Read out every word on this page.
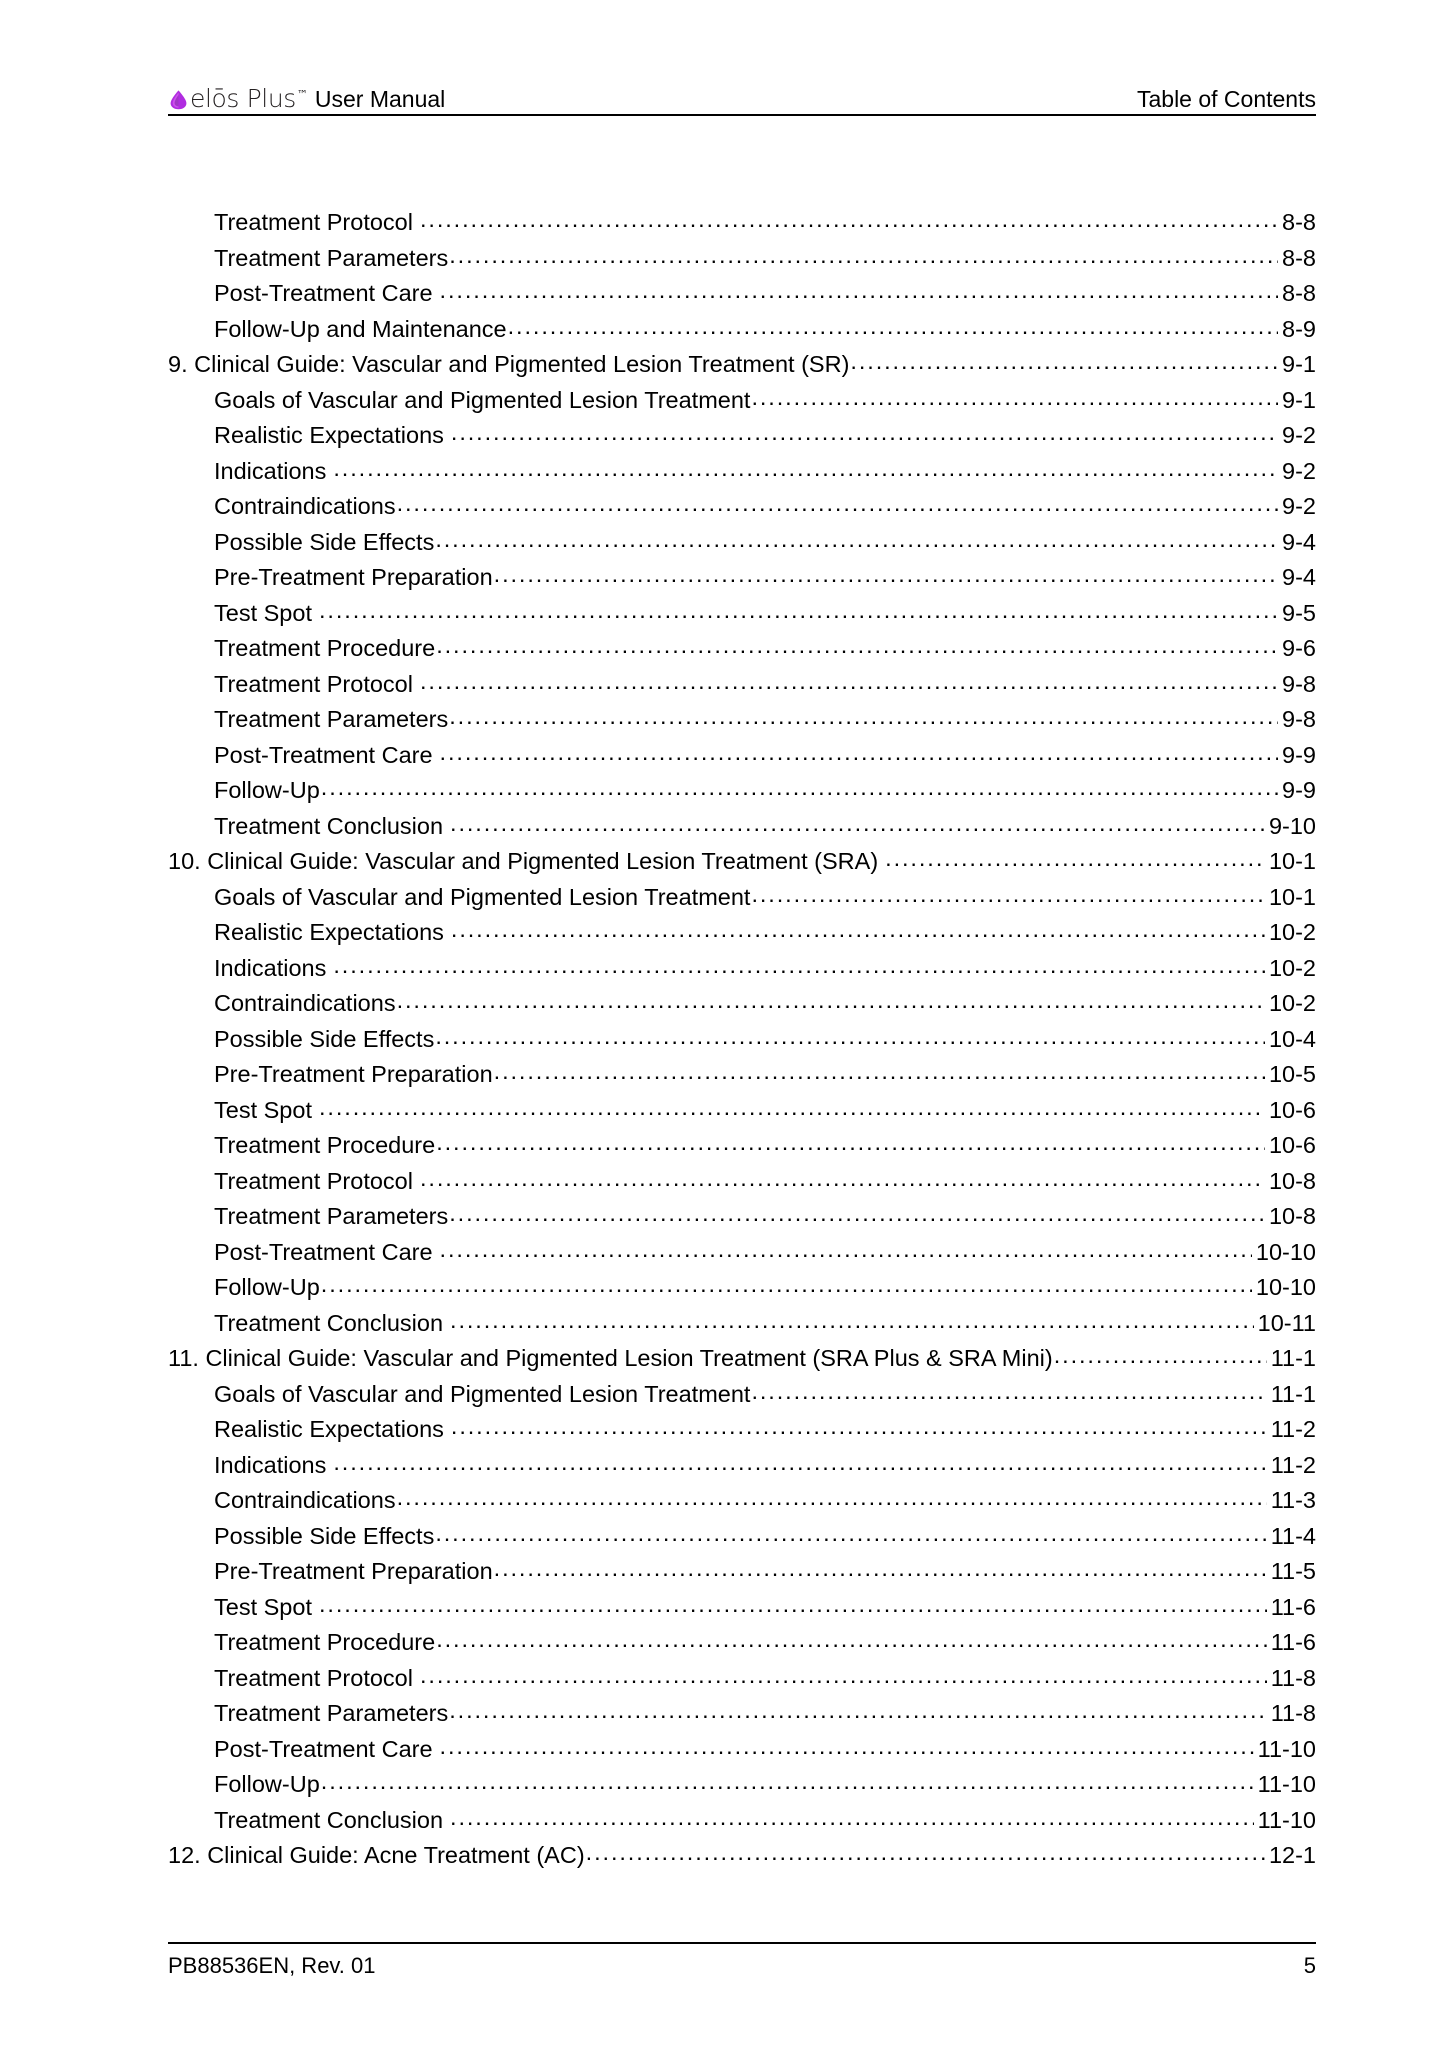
elōs Plus ™ User Manual	Table of Contents
Treatment Protocol .....	8-8
Treatment Parameters .....	8-8
Post-Treatment Care .....	8-8
Follow-Up and Maintenance .....	8-9
9. Clinical Guide: Vascular and Pigmented Lesion Treatment (SR) .....	9-1
Goals of Vascular and Pigmented Lesion Treatment .....	9-1
Realistic Expectations .....	9-2
Indications .....	9-2
Contraindications .....	9-2
Possible Side Effects .....	9-4
Pre-Treatment Preparation .....	9-4
Test Spot .....	9-5
Treatment Procedure .....	9-6
Treatment Protocol .....	9-8
Treatment Parameters .....	9-8
Post-Treatment Care .....	9-9
Follow-Up .....	9-9
Treatment Conclusion .....	9-10
10. Clinical Guide: Vascular and Pigmented Lesion Treatment (SRA) .....	10-1
Goals of Vascular and Pigmented Lesion Treatment .....	10-1
Realistic Expectations .....	10-2
Indications .....	10-2
Contraindications .....	10-2
Possible Side Effects .....	10-4
Pre-Treatment Preparation .....	10-5
Test Spot .....	10-6
Treatment Procedure .....	10-6
Treatment Protocol .....	10-8
Treatment Parameters .....	10-8
Post-Treatment Care .....	10-10
Follow-Up .....	10-10
Treatment Conclusion .....	10-11
11. Clinical Guide: Vascular and Pigmented Lesion Treatment (SRA Plus & SRA Mini) .....	11-1
Goals of Vascular and Pigmented Lesion Treatment .....	11-1
Realistic Expectations .....	11-2
Indications .....	11-2
Contraindications .....	11-3
Possible Side Effects .....	11-4
Pre-Treatment Preparation .....	11-5
Test Spot .....	11-6
Treatment Procedure .....	11-6
Treatment Protocol .....	11-8
Treatment Parameters .....	11-8
Post-Treatment Care .....	11-10
Follow-Up .....	11-10
Treatment Conclusion .....	11-10
12. Clinical Guide: Acne Treatment (AC) .....	12-1
PB88536EN, Rev. 01	5
